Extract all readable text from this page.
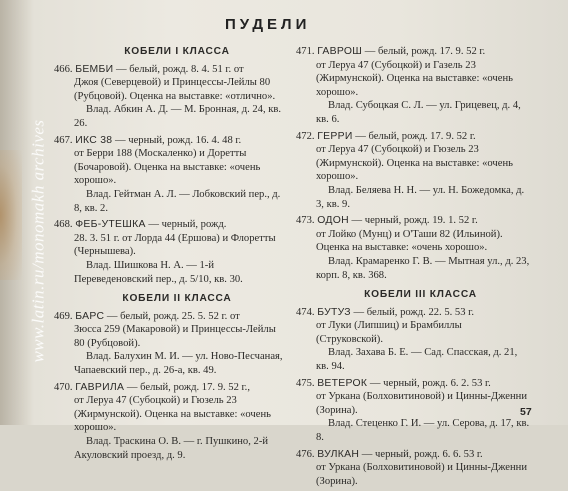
www.latin.ru/monomakh archives
ПУДЕЛИ
КОБЕЛИ I КЛАССА

466. БЕМБИ — белый, рожд. 8. 4. 51 г. от

Джоя (Северцевой) и Принцессы-Лейлы 80 (Рубцовой). Оценка на выставке: «отлично».

Влад. Абкин А. Д. — М. Бронная, д. 24, кв. 26.

467. ИКС 38 — черный, рожд. 16. 4. 48 г.

от Берри 188 (Москаленко) и Доретты (Бочаровой). Оценка на выставке: «очень хорошо».

Влад. Гейтман А. Л. — Лобковский пер., д. 8, кв. 2.

468. ФЕБ-УТЕШКА — черный, рожд.

28. 3. 51 г. от Лорда 44 (Ершова) и Флоретты (Чернышева).

Влад. Шишкова Н. А. — 1-й Переведеновский пер., д. 5/10, кв. 30.

КОБЕЛИ II КЛАССА

469. БАРС — белый, рожд. 25. 5. 52 г. от

Зюсса 259 (Макаровой) и Принцессы-Лейлы 80 (Рубцовой).

Влад. Балухин М. И. — ул. Ново-Песчаная, Чапаевский пер., д. 26-а, кв. 49.

470. ГАВРИЛА — белый, рожд. 17. 9. 52 г.,

от Леруа 47 (Субоцкой) и Гюзель 23 (Жирмунской). Оценка на выставке: «очень хорошо».

Влад. Траскина О. В. — г. Пушкино, 2-й Акуловский проезд, д. 9.

471. ГАВРОШ — белый, рожд. 17. 9. 52 г.

от Леруа 47 (Субоцкой) и Газель 23 (Жирмунской). Оценка на выставке: «очень хорошо».

Влад. Субоцкая С. Л. — ул. Грицевец, д. 4, кв. 6.

472. ГЕРРИ — белый, рожд. 17. 9. 52 г.

от Леруа 47 (Субоцкой) и Гюзель 23 (Жирмунской). Оценка на выставке: «очень хорошо».

Влад. Беляева Н. Н. — ул. Н. Божедомка, д. 3, кв. 9.

473. ОДОН — черный, рожд. 19. 1. 52 г.

от Лойко (Мунц) и О'Таши 82 (Ильиной). Оценка на выставке: «очень хорошо».

Влад. Крамаренко Г. В. — Мытная ул., д. 23, корп. 8, кв. 368.

КОБЕЛИ III КЛАССА

474. БУТУЗ — белый, рожд. 22. 5. 53 г.

от Луки (Липшиц) и Брамбиллы (Струковской).

Влад. Захава Б. Е. — Сад. Спасская, д. 21, кв. 94.

475. ВЕТЕРОК — черный, рожд. 6. 2. 53 г.

от Уркана (Болховитиновой) и Цинны-Дженни (Зорина).

Влад. Стеценко Г. И. — ул. Серова, д. 17, кв. 8.

476. ВУЛКАН — черный, рожд. 6. 6. 53 г.

от Уркана (Болховитиновой) и Цинны-Дженни (Зорина).

57
